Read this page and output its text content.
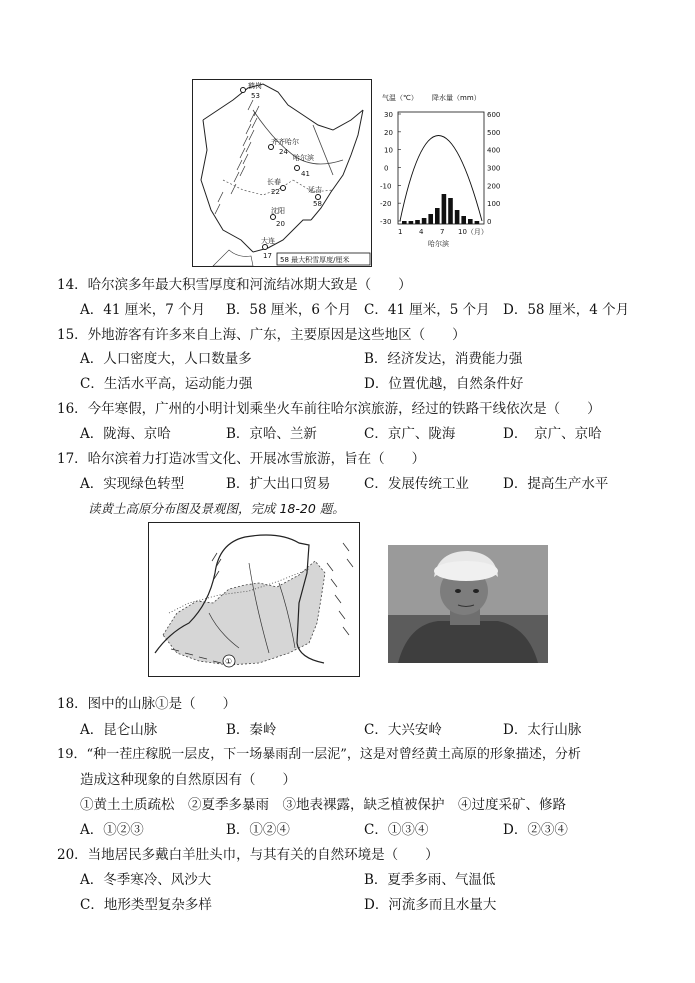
鹤岗
53
齐齐哈尔
24
哈尔滨
41
长春
22	延吉
58
沈阳
20
大连
17 58 最大积雪厚度/厘米
气温（℃） 降水量（mm）
30
20
10
0
-10
-20
-30
600
500
400
300
200
100
0
1 4 7 10（月）
哈尔滨
14．哈尔滨多年最大积雪厚度和河流结冰期大致是（　　）
A．41 厘米，7 个月 B．58 厘米，6 个月 C．41 厘米，5 个月 D．58 厘米，4 个月
15．外地游客有许多来自上海、广东，主要原因是这些地区（　　）
A．人口密度大，人口数量多	B．经济发达，消费能力强
C．生活水平高，运动能力强	D．位置优越，自然条件好
16．今年寒假，广州的小明计划乘坐火车前往哈尔滨旅游，经过的铁路干线依次是（　　）
A．陇海、京哈	B．京哈、兰新	C．京广、陇海	D．　京广、京哈
17．哈尔滨着力打造冰雪文化、开展冰雪旅游，旨在（　　）
A．实现绿色转型	B．扩大出口贸易 C．发展传统工业	D．提高生产水平
读黄土高原分布图及景观图，完成 18-20 题。
①
18．图中的山脉①是（　　）
A．昆仑山脉	B．秦岭	C．大兴安岭	D．太行山脉
19．“种一茬庄稼脱一层皮，下一场暴雨刮一层泥”，这是对曾经黄土高原的形象描述，分析
造成这种现象的自然原因有（　　）
①黄土土质疏松　②夏季多暴雨　③地表裸露，缺乏植被保护　④过度采矿、修路
A．①②③	B．①②④	C．①③④	D．②③④
20．当地居民多戴白羊肚头巾，与其有关的自然环境是（　　）
A．冬季寒冷、风沙大	B．夏季多雨、气温低
C．地形类型复杂多样	D．河流多而且水量大
